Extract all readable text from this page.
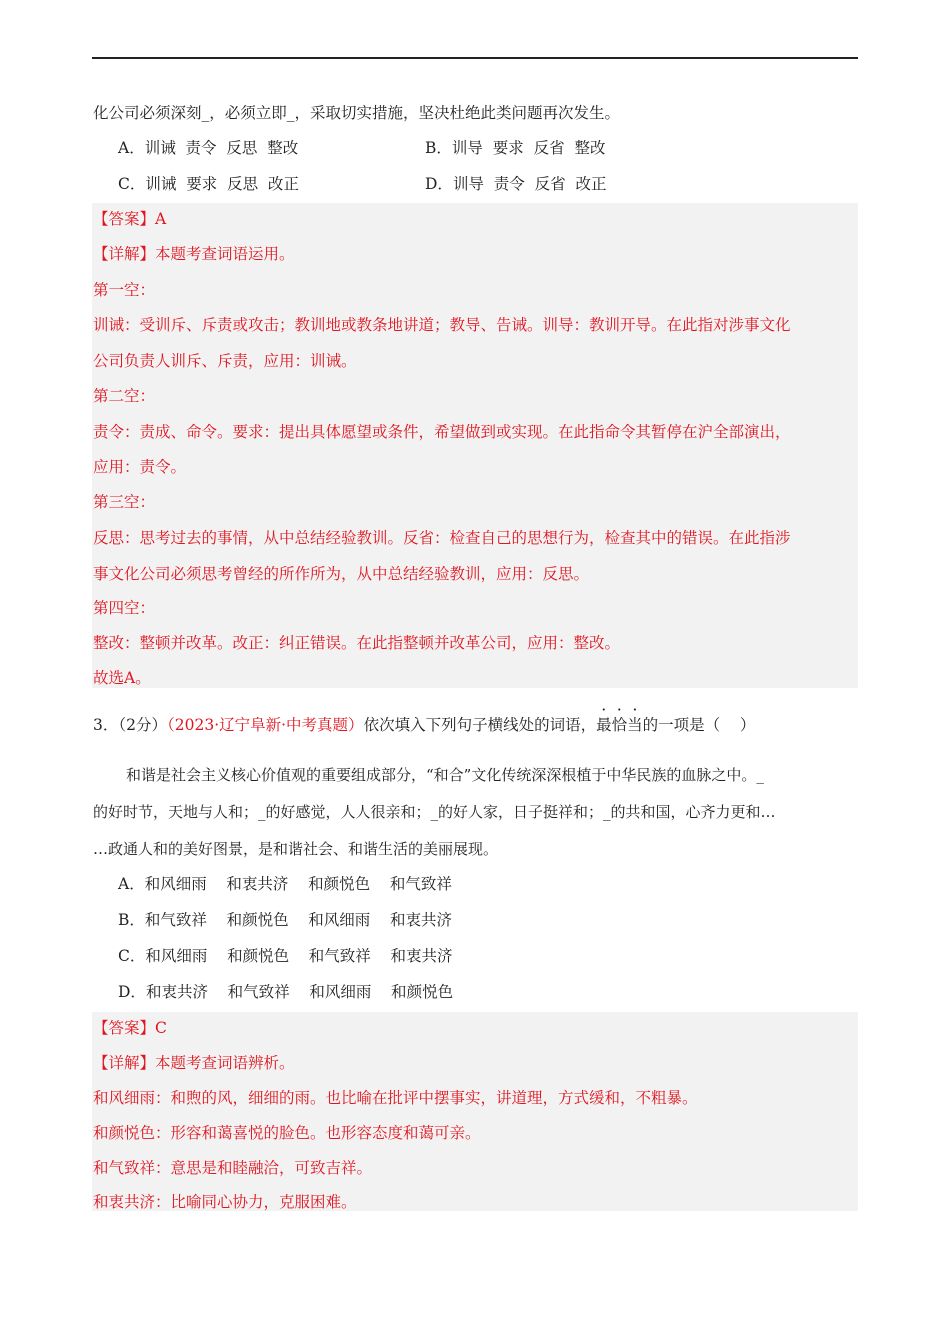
化公司必须深刻_，必须立即_，采取切实措施，坚决杜绝此类问题再次发生。
A．训诫  责令  反思  整改	B．训导  要求  反省  整改
C．训诫  要求  反思  改正	D．训导  责令  反省  改正
【答案】A
【详解】本题考查词语运用。
第一空：
训诫：受训斥、斥责或攻击；教训地或教条地讲道；教导、告诫。训导：教训开导。在此指对涉事文化
公司负责人训斥、斥责，应用：训诫。
第二空：
责令：责成、命令。要求：提出具体愿望或条件，希望做到或实现。在此指命令其暂停在沪全部演出，
应用：责令。
第三空：
反思：思考过去的事情，从中总结经验教训。反省：检查自己的思想行为，检查其中的错误。在此指涉
事文化公司必须思考曾经的所作所为，从中总结经验教训，应用：反思。
第四空：
整改：整顿并改革。改正：纠正错误。在此指整顿并改革公司，应用：整改。
故选A。
3．（2分）（2023·辽宁阜新·中考真题）依次填入下列句子横线处的词语，最恰当的一项是（    ）
和谐是社会主义核心价值观的重要组成部分，“和合”文化传统深深根植于中华民族的血脉之中。_
的好时节，天地与人和；_的好感觉，人人很亲和；_的好人家，日子挺祥和；_的共和国，心齐力更和…
…政通人和的美好图景，是和谐社会、和谐生活的美丽展现。
A．和风细雨    和衷共济    和颜悦色    和气致祥
B．和气致祥    和颜悦色    和风细雨    和衷共济
C．和风细雨    和颜悦色    和气致祥    和衷共济
D．和衷共济    和气致祥    和风细雨    和颜悦色
【答案】C
【详解】本题考查词语辨析。
和风细雨：和煦的风，细细的雨。也比喻在批评中摆事实，讲道理，方式缓和，不粗暴。
和颜悦色：形容和蔼喜悦的脸色。也形容态度和蔼可亲。
和气致祥：意思是和睦融洽，可致吉祥。
和衷共济：比喻同心协力，克服困难。
